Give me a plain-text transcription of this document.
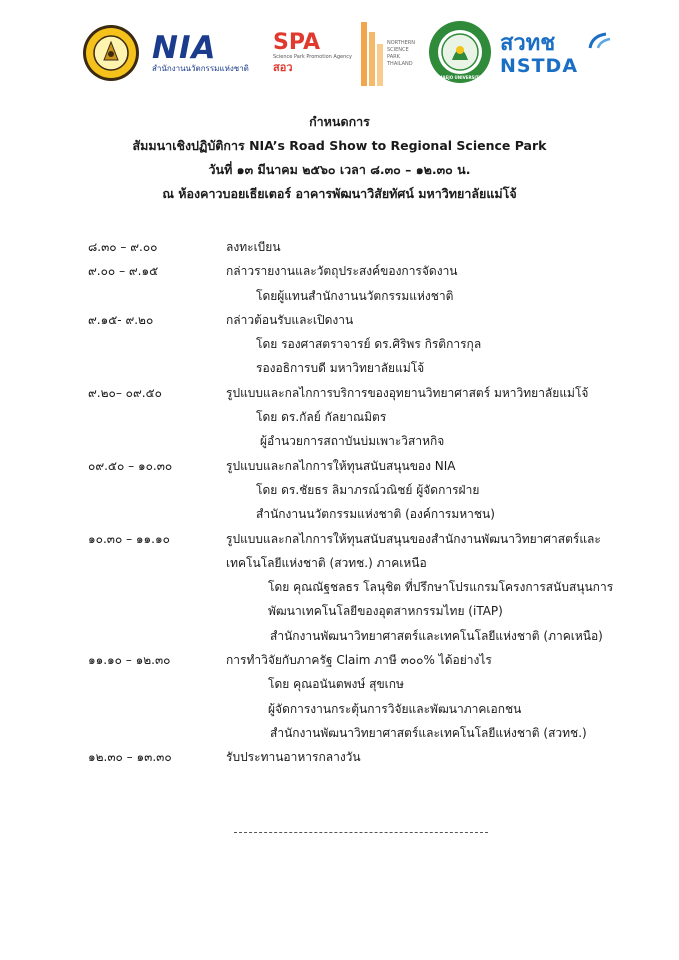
NIA
สำนักงานนวัตกรรมแห่งชาติ
SPA
Science Park Promotion Agency
สอว
NORTHERN
SCIENCE
PARK
THAILAND
MAEJO UNIVERSITY
สวทช
NSTDA

กำหนดการ

สัมมนาเชิงปฏิบัติการ NIA’s Road Show to Regional Science Park

วันที่ ๑๓ มีนาคม ๒๕๖๐ เวลา ๘.๓๐ – ๑๒.๓๐ น.

ณ ห้องคาวบอยเธียเตอร์ อาคารพัฒนาวิสัยทัศน์ มหาวิทยาลัยแม่โจ้

๘.๓๐ – ๙.๐๐	ลงทะเบียน
๙.๐๐ – ๙.๑๕	กล่าวรายงานและวัตถุประสงค์ของการจัดงาน
โดยผู้แทนสำนักงานนวัตกรรมแห่งชาติ
๙.๑๕- ๙.๒๐	กล่าวต้อนรับและเปิดงาน
โดย รองศาสตราจารย์ ดร.ศิริพร กิรติการกุล
รองอธิการบดี มหาวิทยาลัยแม่โจ้
๙.๒๐– ๐๙.๕๐	รูปแบบและกลไกการบริการของอุทยานวิทยาศาสตร์ มหาวิทยาลัยแม่โจ้
โดย ดร.กัลย์ กัลยาณมิตร
ผู้อำนวยการสถาบันบ่มเพาะวิสาหกิจ
๐๙.๕๐ – ๑๐.๓๐	รูปแบบและกลไกการให้ทุนสนับสนุนของ NIA
โดย ดร.ชัยธร ลิมาภรณ์วณิชย์ ผู้จัดการฝ่าย
สำนักงานนวัตกรรมแห่งชาติ (องค์การมหาชน)
๑๐.๓๐ – ๑๑.๑๐	รูปแบบและกลไกการให้ทุนสนับสนุนของสำนักงานพัฒนาวิทยาศาสตร์และ
เทคโนโลยีแห่งชาติ (สวทช.) ภาคเหนือ
โดย คุณณัฐชลธร โลนุชิต ที่ปรึกษาโปรแกรมโครงการสนับสนุนการ
พัฒนาเทคโนโลยีของอุตสาหกรรมไทย (iTAP)
สำนักงานพัฒนาวิทยาศาสตร์และเทคโนโลยีแห่งชาติ (ภาคเหนือ)
๑๑.๑๐ – ๑๒.๓๐	การทำวิจัยกับภาครัฐ Claim ภาษี ๓๐๐% ได้อย่างไร
โดย คุณอนันตพงษ์ สุขเกษ
ผู้จัดการงานกระตุ้นการวิจัยและพัฒนาภาคเอกชน
สำนักงานพัฒนาวิทยาศาสตร์และเทคโนโลยีแห่งชาติ (สวทช.)
๑๒.๓๐ – ๑๓.๓๐	รับประทานอาหารกลางวัน
